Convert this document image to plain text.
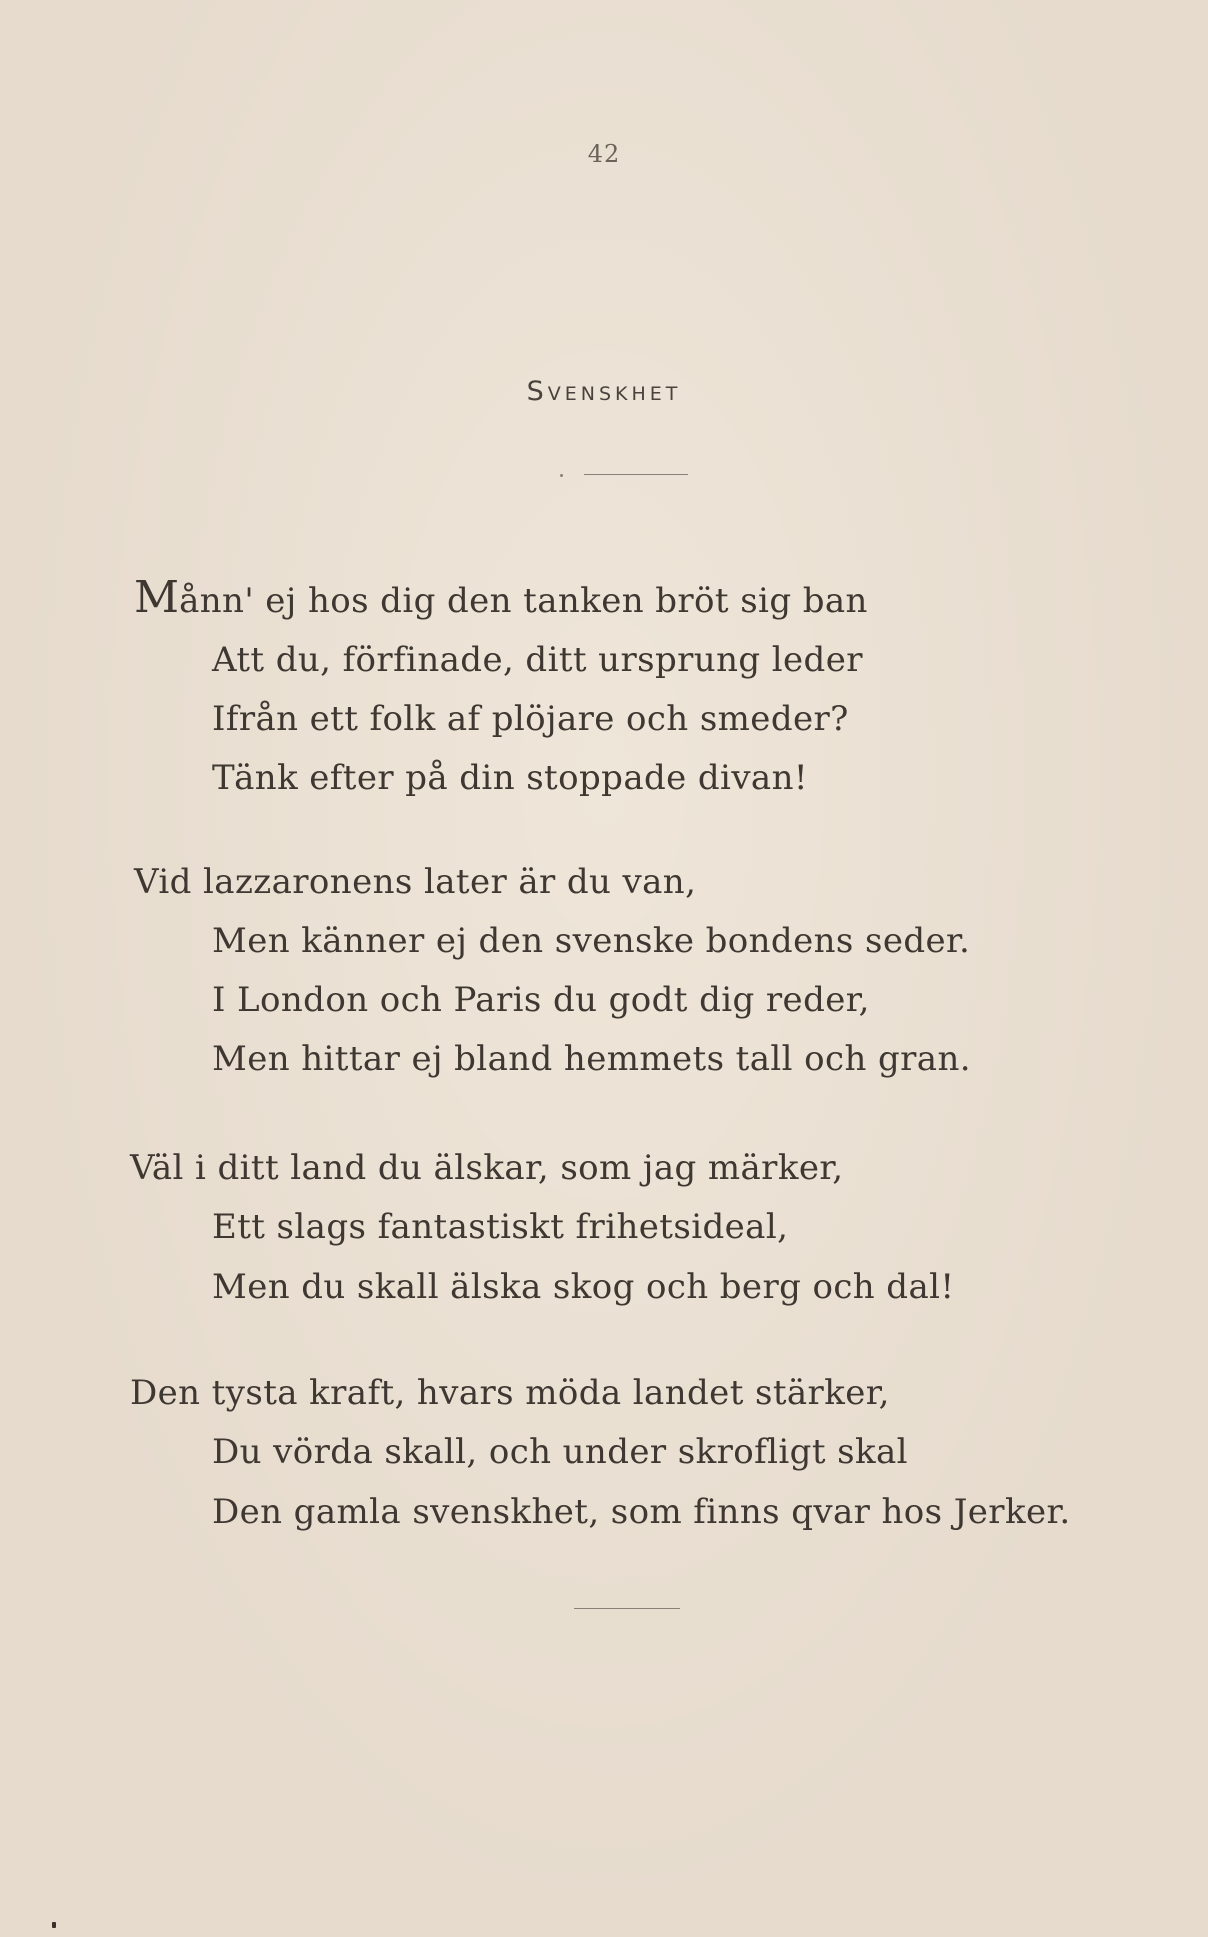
42
Svenskhet
Månn' ej hos dig den tanken bröt sig ban
Att du, förfinade, ditt ursprung leder
Ifrån ett folk af plöjare och smeder?
Tänk efter på din stoppade divan!
Vid lazzaronens later är du van,
Men känner ej den svenske bondens seder.
I London och Paris du godt dig reder,
Men hittar ej bland hemmets tall och gran.
Väl i ditt land du älskar, som jag märker,
Ett slags fantastiskt frihetsideal,
Men du skall älska skog och berg och dal!
Den tysta kraft, hvars möda landet stärker,
Du vörda skall, och under skrofligt skal
Den gamla svenskhet, som finns qvar hos Jerker.
